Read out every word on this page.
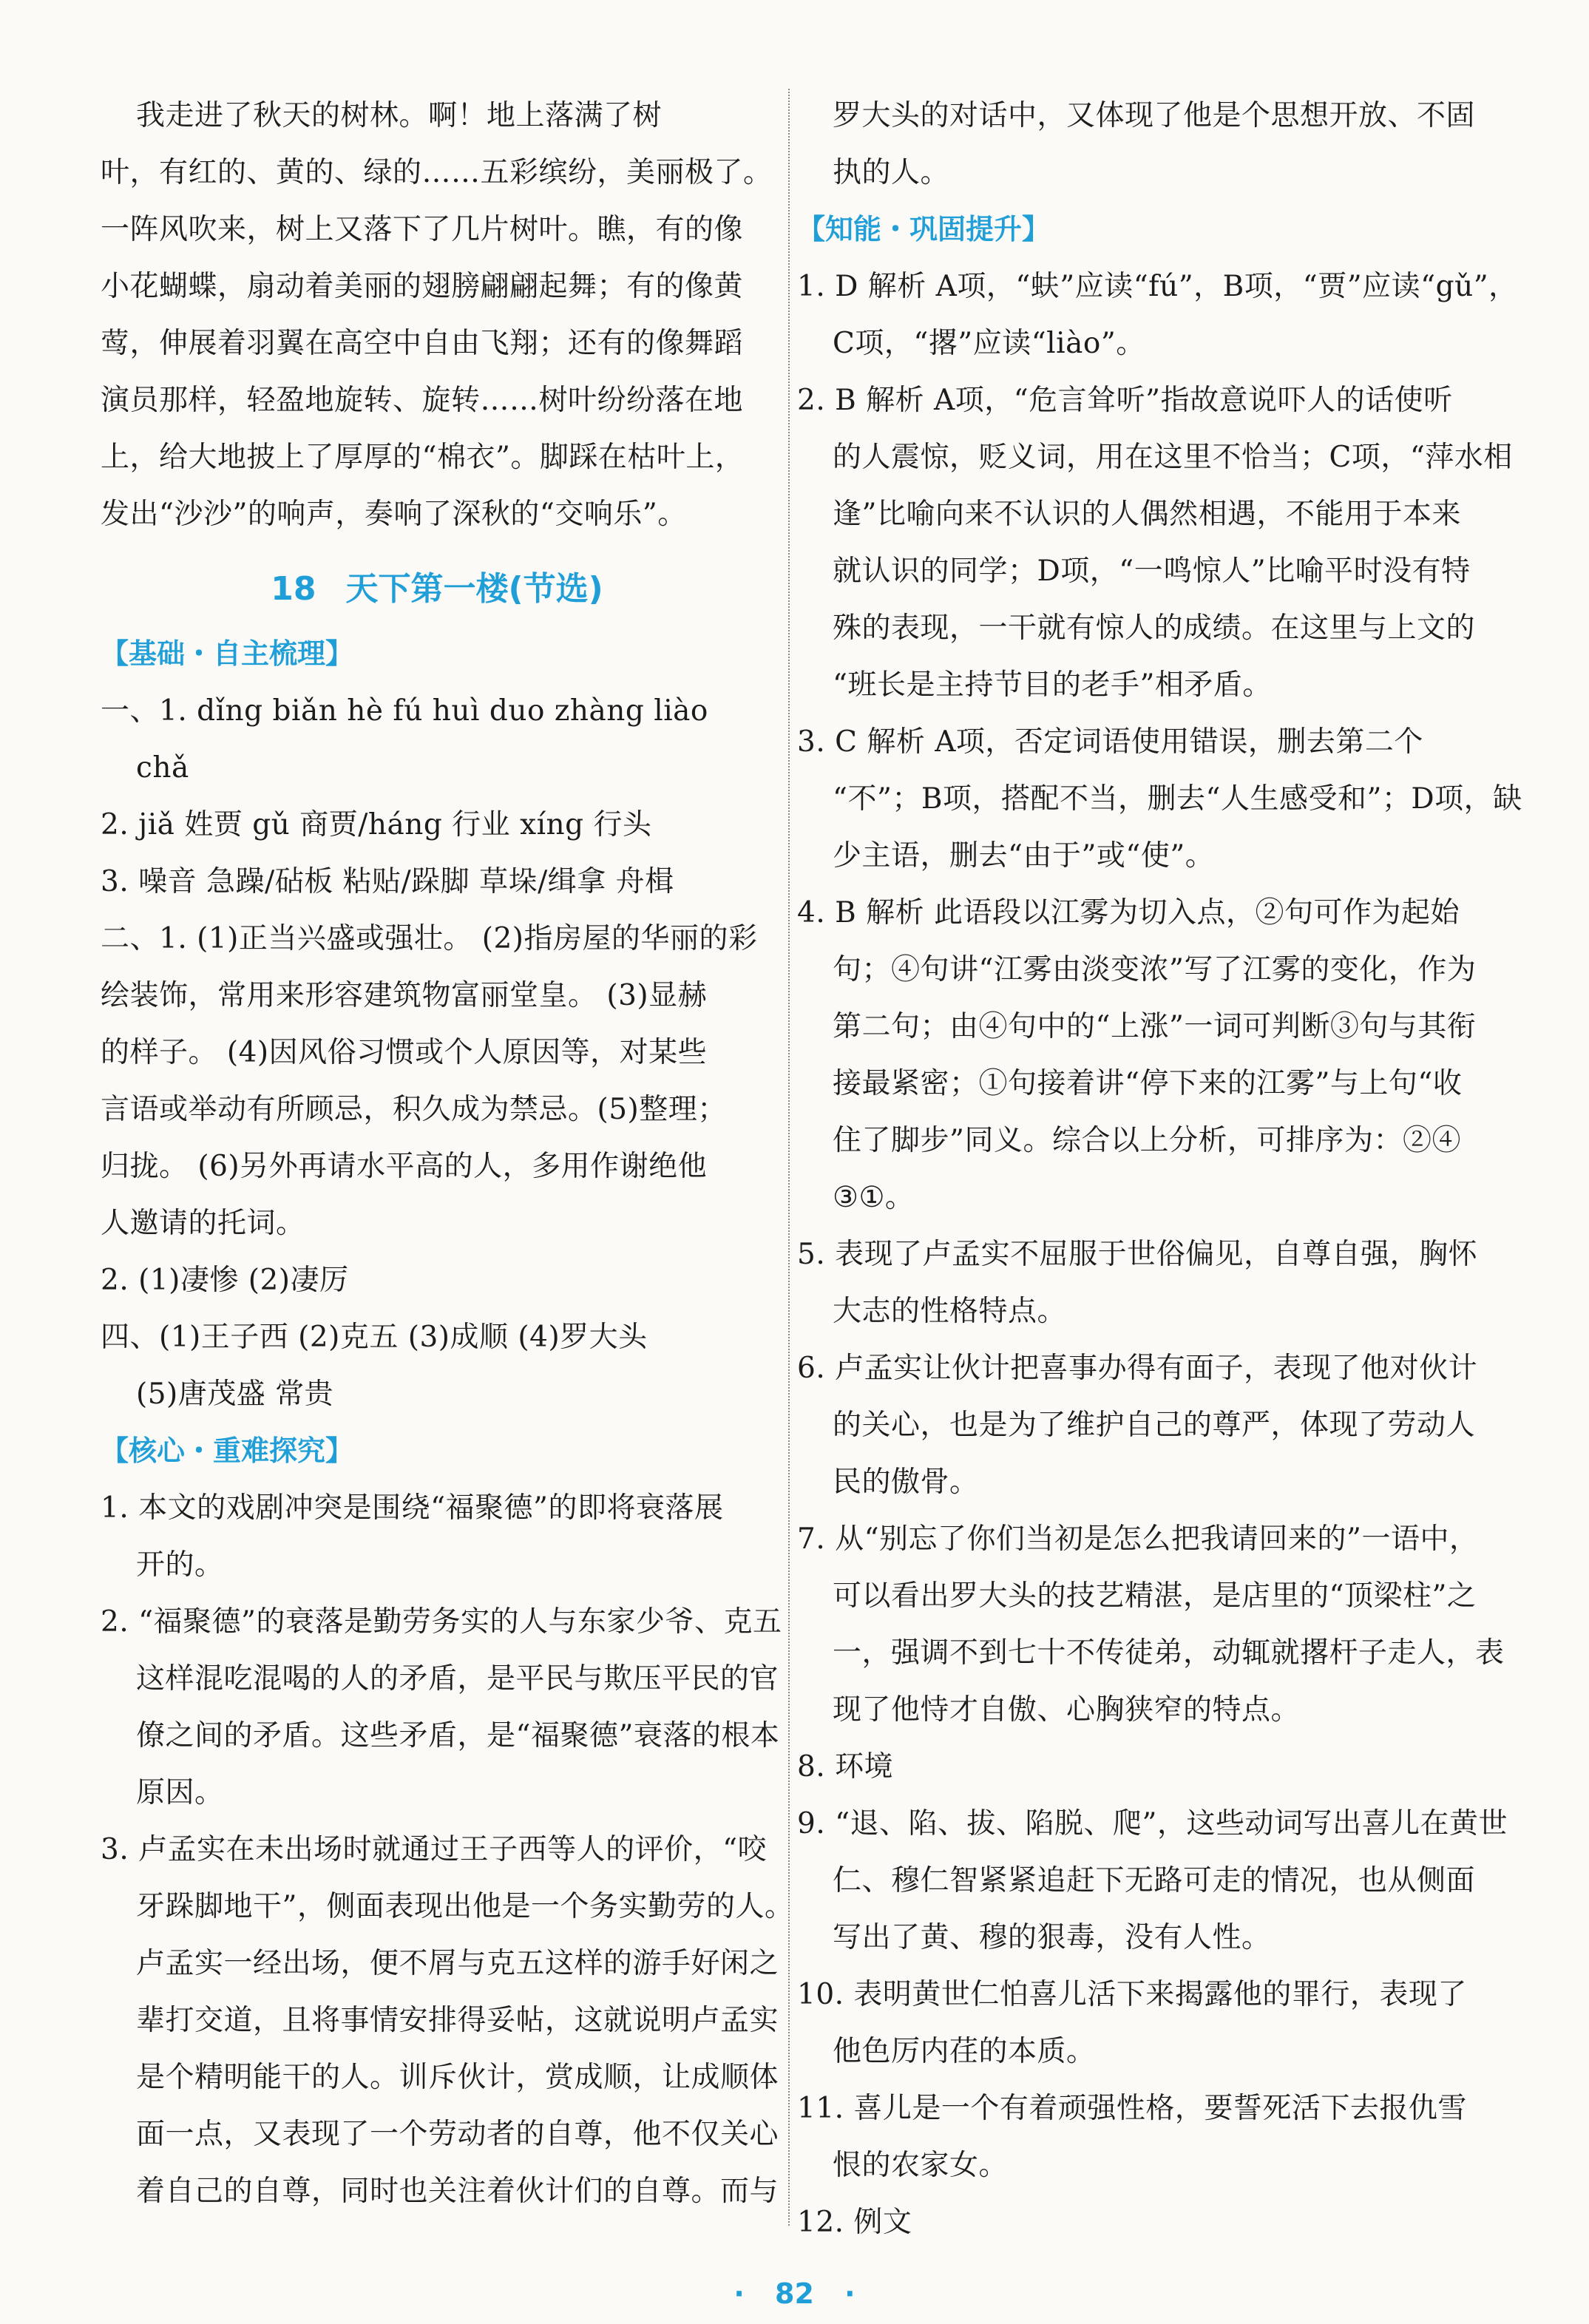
我走进了秋天的树林。啊！地上落满了树
叶，有红的、黄的、绿的……五彩缤纷，美丽极了。
一阵风吹来，树上又落下了几片树叶。瞧，有的像
小花蝴蝶，扇动着美丽的翅膀翩翩起舞；有的像黄
莺，伸展着羽翼在高空中自由飞翔；还有的像舞蹈
演员那样，轻盈地旋转、旋转……树叶纷纷落在地
上，给大地披上了厚厚的“棉衣”。脚踩在枯叶上，
发出“沙沙”的响声，奏响了深秋的“交响乐”。
18 天下第一楼(节选)
【基础・自主梳理】
一、1. dǐng biǎn hè fú huì duo zhàng liào
chǎ
2. jiǎ 姓贾 gǔ 商贾/háng 行业 xíng 行头
3. 噪音 急躁/砧板 粘贴/跺脚 草垛/缉拿 舟楫
二、1. (1)正当兴盛或强壮。 (2)指房屋的华丽的彩
绘装饰，常用来形容建筑物富丽堂皇。 (3)显赫
的样子。 (4)因风俗习惯或个人原因等，对某些
言语或举动有所顾忌，积久成为禁忌。(5)整理；
归拢。 (6)另外再请水平高的人，多用作谢绝他
人邀请的托词。
2. (1)凄惨 (2)凄厉
四、(1)王子西 (2)克五 (3)成顺 (4)罗大头
(5)唐茂盛 常贵
【核心・重难探究】
1. 本文的戏剧冲突是围绕“福聚德”的即将衰落展
开的。
2. “福聚德”的衰落是勤劳务实的人与东家少爷、克五
这样混吃混喝的人的矛盾，是平民与欺压平民的官
僚之间的矛盾。这些矛盾，是“福聚德”衰落的根本
原因。
3. 卢孟实在未出场时就通过王子西等人的评价，“咬
牙跺脚地干”，侧面表现出他是一个务实勤劳的人。
卢孟实一经出场，便不屑与克五这样的游手好闲之
辈打交道，且将事情安排得妥帖，这就说明卢孟实
是个精明能干的人。训斥伙计，赏成顺，让成顺体
面一点，又表现了一个劳动者的自尊，他不仅关心
着自己的自尊，同时也关注着伙计们的自尊。而与
罗大头的对话中，又体现了他是个思想开放、不固
执的人。
【知能・巩固提升】
1. D 解析 A项，“蚨”应读“fú”，B项，“贾”应读“gǔ”，
C项，“撂”应读“liào”。
2. B 解析 A项，“危言耸听”指故意说吓人的话使听
的人震惊，贬义词，用在这里不恰当；C项，“萍水相
逢”比喻向来不认识的人偶然相遇，不能用于本来
就认识的同学；D项，“一鸣惊人”比喻平时没有特
殊的表现，一干就有惊人的成绩。在这里与上文的
“班长是主持节目的老手”相矛盾。
3. C 解析 A项，否定词语使用错误，删去第二个
“不”；B项，搭配不当，删去“人生感受和”；D项，缺
少主语，删去“由于”或“使”。
4. B 解析 此语段以江雾为切入点，②句可作为起始
句；④句讲“江雾由淡变浓”写了江雾的变化，作为
第二句；由④句中的“上涨”一词可判断③句与其衔
接最紧密；①句接着讲“停下来的江雾”与上句“收
住了脚步”同义。综合以上分析，可排序为：②④
③①。
5. 表现了卢孟实不屈服于世俗偏见，自尊自强，胸怀
大志的性格特点。
6. 卢孟实让伙计把喜事办得有面子，表现了他对伙计
的关心，也是为了维护自己的尊严，体现了劳动人
民的傲骨。
7. 从“别忘了你们当初是怎么把我请回来的”一语中，
可以看出罗大头的技艺精湛，是店里的“顶梁柱”之
一，强调不到七十不传徒弟，动辄就撂杆子走人，表
现了他恃才自傲、心胸狭窄的特点。
8. 环境
9. “退、陷、拔、陷脱、爬”，这些动词写出喜儿在黄世
仁、穆仁智紧紧追赶下无路可走的情况，也从侧面
写出了黄、穆的狠毒，没有人性。
10. 表明黄世仁怕喜儿活下来揭露他的罪行，表现了
他色厉内荏的本质。
11. 喜儿是一个有着顽强性格，要誓死活下去报仇雪
恨的农家女。
12. 例文
· 82 ·
